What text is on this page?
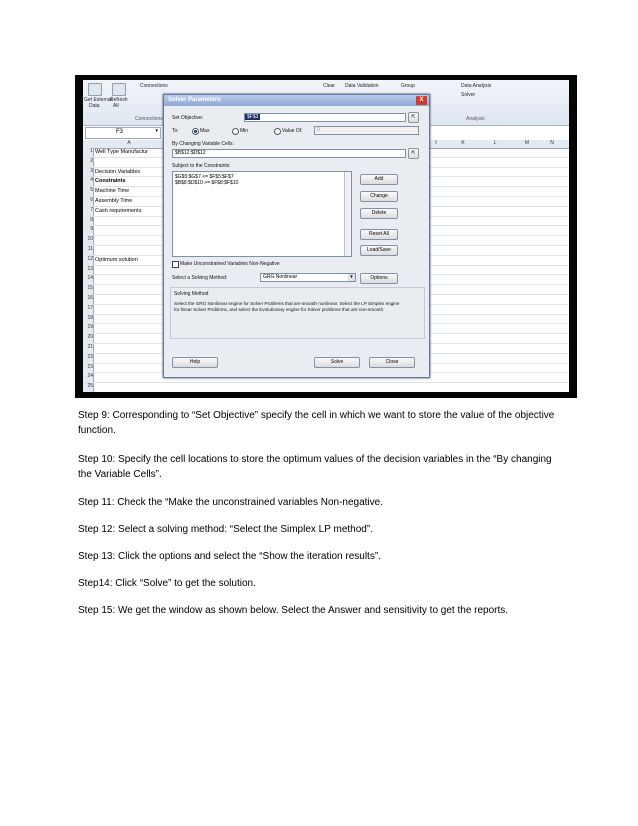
Get External
Data
Refresh
All
Connections
Connections
Clear Data Validation	Group	Data Analysis
Solver
Analysis
F3	▾
A	I	K	L	M	N
1 Well Type Manufactur
2
3 Decision Variables
4 Constraints
5 Machine Time
6 Assembly Time
7 Cash requirements
8
9
10
11
12 Optimum solution
13
14
15
16
17
18
19
20
21
22
23
24
25
Solver Parameters	X
Set Objective:	$F$3	⇱
To:	Max	Min	Value Of:	0
By Changing Variable Cells:
$B$12:$D$12	⇱
Subject to the Constraints:
$G$5:$G$7 <= $F$5:$F$7
$B$8:$D$10 >= $F$8:$F$10
Add
Change
Delete
Reset All
Load/Save
Make Unconstrained Variables Non-Negative
Select a Solving Method:	GRG Nonlinear	▾	Options
Solving Method
Select the GRG Nonlinear engine for Solver Problems that are smooth nonlinear. Select the LP Simplex engine for linear Solver Problems, and select the Evolutionary engine for Solver problems that are non-smooth.
Help	Solve	Close
Step 9: Corresponding to “Set Objective” specify the cell in which we want to store the value of the objective function.
Step 10: Specify the cell locations to store the optimum values of the decision variables in the “By changing the Variable Cells”.
Step 11: Check the “Make the unconstrained variables Non-negative.
Step 12: Select a solving method: “Select the Simplex LP method”.
Step 13: Click the options and select the “Show the iteration results”.
Step14: Click “Solve” to get the solution.
Step 15: We get the window as shown below. Select the Answer and sensitivity to get the reports.
